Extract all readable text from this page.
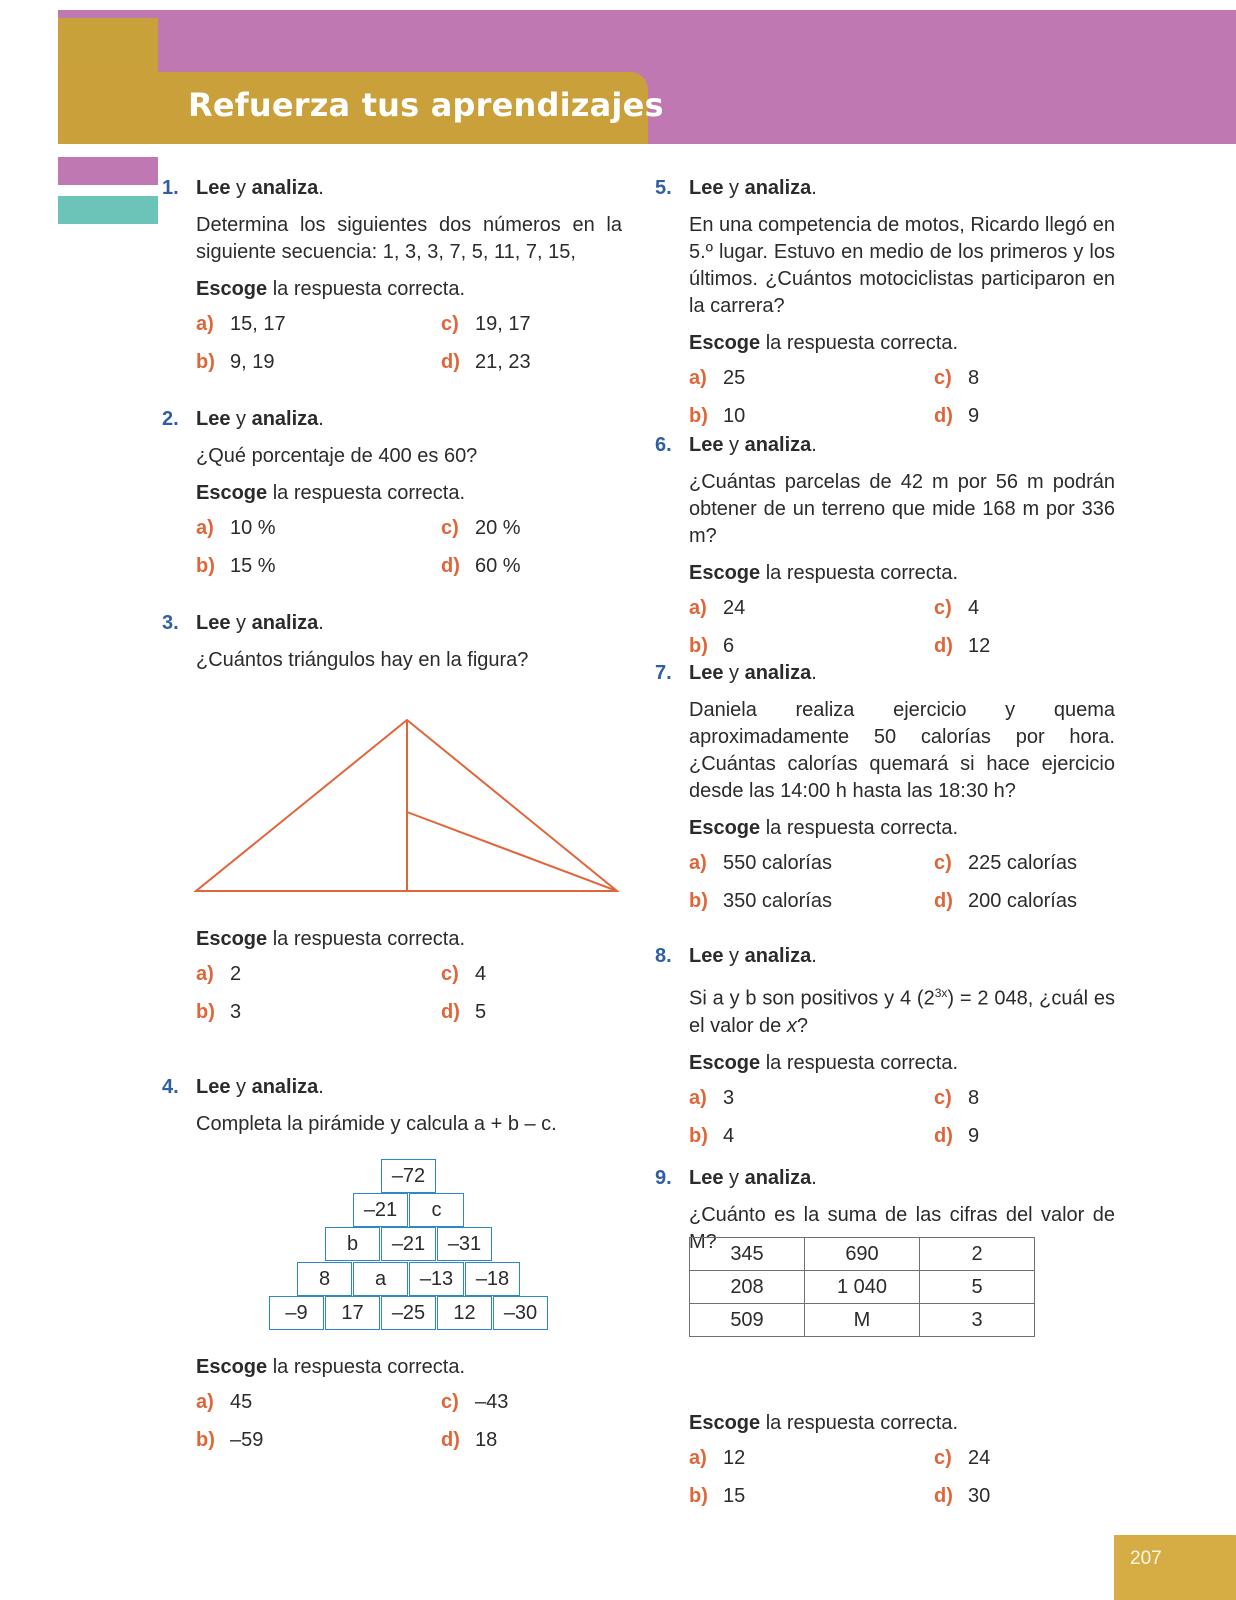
Refuerza tus aprendizajes
1. Lee y analiza.
Determina los siguientes dos números en la siguiente secuencia: 1, 3, 3, 7, 5, 11, 7, 15,
Escoge la respuesta correcta.
a) 15, 17
b) 9, 19
c) 19, 17
d) 21, 23
2. Lee y analiza.
¿Qué porcentaje de 400 es 60?
Escoge la respuesta correcta.
a) 10 %
b) 15 %
c) 20 %
d) 60 %
3. Lee y analiza.
¿Cuántos triángulos hay en la figura?
Escoge la respuesta correcta.
a) 2
b) 3
c) 4
d) 5
4. Lee y analiza.
Completa la pirámide y calcula a + b – c.
Escoge la respuesta correcta.
a) 45
b) –59
c) –43
d) 18
5. Lee y analiza.
En una competencia de motos, Ricardo llegó en 5.º lugar. Estuvo en medio de los primeros y los últimos. ¿Cuántos motociclistas participaron en la carrera?
Escoge la respuesta correcta.
a) 25
b) 10
c) 8
d) 9
6. Lee y analiza.
¿Cuántas parcelas de 42 m por 56 m podrán obtener de un terreno que mide 168 m por 336 m?
Escoge la respuesta correcta.
a) 24
b) 6
c) 4
d) 12
7. Lee y analiza.
Daniela realiza ejercicio y quema aproximadamente 50 calorías por hora. ¿Cuántas calorías quemará si hace ejercicio desde las 14:00 h hasta las 18:30 h?
Escoge la respuesta correcta.
a) 550 calorías
b) 350 calorías
c) 225 calorías
d) 200 calorías
8. Lee y analiza.
Si a y b son positivos y 4 $(2^{3x}) = 2$ 048, ¿cuál es el valor de x?
Escoge la respuesta correcta.
a) 3
b) 4
c) 8
d) 9
9. Lee y analiza.
¿Cuánto es la suma de las cifras del valor de M?
Escoge la respuesta correcta.
a) 12
b) 15
c) 24
d) 30
–72
–21	c
b	–21	–31
8	a	–13	–18
–9	17	–25	12	–30
345	690	2
208	1 040	5
509	M	3
207
